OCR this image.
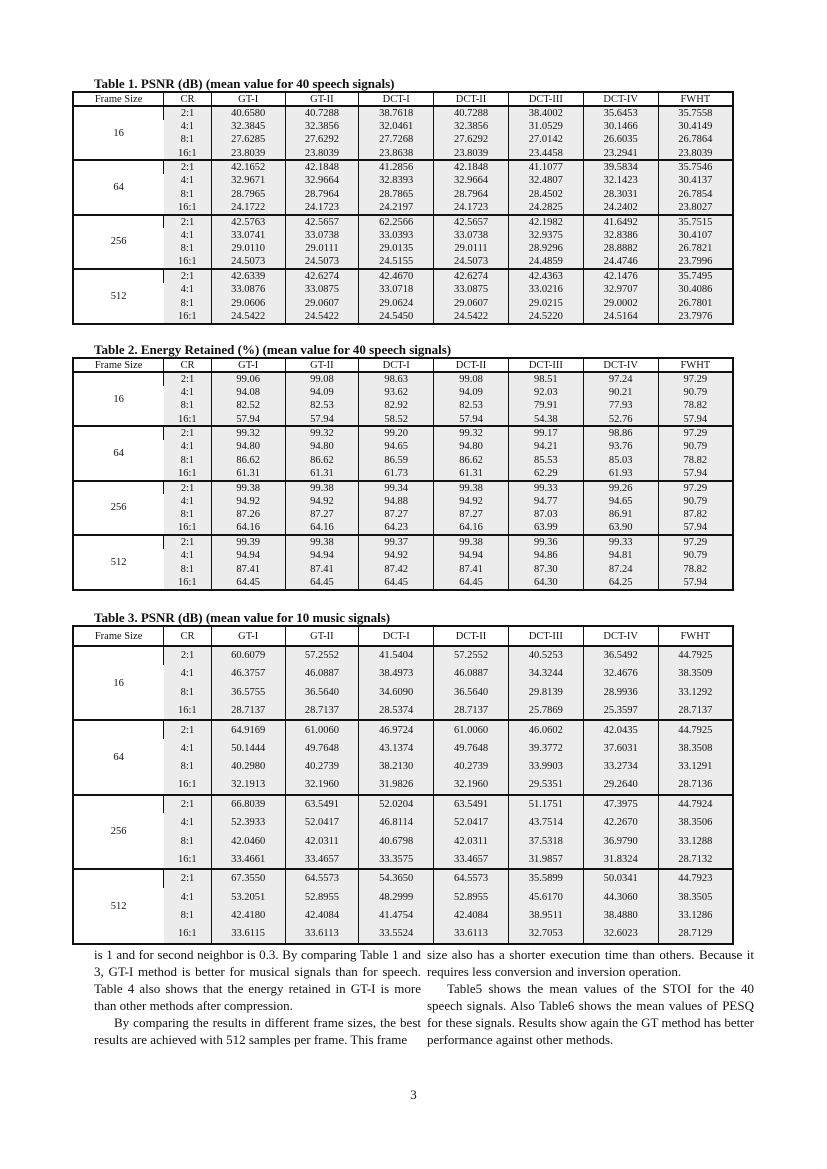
Table 1. PSNR (dB) (mean value for 40 speech signals)
Frame Size	CR	GT-I	GT-II	DCT-I	DCT-II	DCT-III	DCT-IV	FWHT
16	2:1	40.6580	40.7288	38.7618	40.7288	38.4002	35.6453	35.7558
	4:1	32.3845	32.3856	32.0461	32.3856	31.0529	30.1466	30.4149
	8:1	27.6285	27.6292	27.7268	27.6292	27.0142	26.6035	26.7864
	16:1	23.8039	23.8039	23.8638	23.8039	23.4458	23.2941	23.8039
64	2:1	42.1652	42.1848	41.2856	42.1848	41.1077	39.5834	35.7546
	4:1	32.9671	32.9664	32.8393	32.9664	32.4807	32.1423	30.4137
	8:1	28.7965	28.7964	28.7865	28.7964	28.4502	28.3031	26.7854
	16:1	24.1722	24.1723	24.2197	24.1723	24.2825	24.2402	23.8027
256	2:1	42.5763	42.5657	62.2566	42.5657	42.1982	41.6492	35.7515
	4:1	33.0741	33.0738	33.0393	33.0738	32.9375	32.8386	30.4107
	8:1	29.0110	29.0111	29.0135	29.0111	28.9296	28.8882	26.7821
	16:1	24.5073	24.5073	24.5155	24.5073	24.4859	24.4746	23.7996
512	2:1	42.6339	42.6274	42.4670	42.6274	42.4363	42.1476	35.7495
	4:1	33.0876	33.0875	33.0718	33.0875	33.0216	32.9707	30.4086
	8:1	29.0606	29.0607	29.0624	29.0607	29.0215	29.0002	26.7801
	16:1	24.5422	24.5422	24.5450	24.5422	24.5220	24.5164	23.7976
Table 2. Energy Retained (%) (mean value for 40 speech signals)
Frame Size	CR	GT-I	GT-II	DCT-I	DCT-II	DCT-III	DCT-IV	FWHT
16	2:1	99.06	99.08	98.63	99.08	98.51	97.24	97.29
	4:1	94.08	94.09	93.62	94.09	92.03	90.21	90.79
	8:1	82.52	82.53	82.92	82.53	79.91	77.93	78.82
	16:1	57.94	57.94	58.52	57.94	54.38	52.76	57.94
64	2:1	99.32	99.32	99.20	99.32	99.17	98.86	97.29
	4:1	94.80	94.80	94.65	94.80	94.21	93.76	90.79
	8:1	86.62	86.62	86.59	86.62	85.53	85.03	78.82
	16:1	61.31	61.31	61.73	61.31	62.29	61.93	57.94
256	2:1	99.38	99.38	99.34	99.38	99.33	99.26	97.29
	4:1	94.92	94.92	94.88	94.92	94.77	94.65	90.79
	8:1	87.26	87.27	87.27	87.27	87.03	86.91	87.82
	16:1	64.16	64.16	64.23	64.16	63.99	63.90	57.94
512	2:1	99.39	99.38	99.37	99.38	99.36	99.33	97.29
	4:1	94.94	94.94	94.92	94.94	94.86	94.81	90.79
	8:1	87.41	87.41	87.42	87.41	87.30	87.24	78.82
	16:1	64.45	64.45	64.45	64.45	64.30	64.25	57.94
Table 3. PSNR (dB) (mean value for 10 music signals)
Frame Size	CR	GT-I	GT-II	DCT-I	DCT-II	DCT-III	DCT-IV	FWHT
16	2:1	60.6079	57.2552	41.5404	57.2552	40.5253	36.5492	44.7925
	4:1	46.3757	46.0887	38.4973	46.0887	34.3244	32.4676	38.3509
	8:1	36.5755	36.5640	34.6090	36.5640	29.8139	28.9936	33.1292
	16:1	28.7137	28.7137	28.5374	28.7137	25.7869	25.3597	28.7137
64	2:1	64.9169	61.0060	46.9724	61.0060	46.0602	42.0435	44.7925
	4:1	50.1444	49.7648	43.1374	49.7648	39.3772	37.6031	38.3508
	8:1	40.2980	40.2739	38.2130	40.2739	33.9903	33.2734	33.1291
	16:1	32.1913	32.1960	31.9826	32.1960	29.5351	29.2640	28.7136
256	2:1	66.8039	63.5491	52.0204	63.5491	51.1751	47.3975	44.7924
	4:1	52.3933	52.0417	46.8114	52.0417	43.7514	42.2670	38.3506
	8:1	42.0460	42.0311	40.6798	42.0311	37.5318	36.9790	33.1288
	16:1	33.4661	33.4657	33.3575	33.4657	31.9857	31.8324	28.7132
512	2:1	67.3550	64.5573	54.3650	64.5573	35.5899	50.0341	44.7923
	4:1	53.2051	52.8955	48.2999	52.8955	45.6170	44.3060	38.3505
	8:1	42.4180	42.4084	41.4754	42.4084	38.9511	38.4880	33.1286
	16:1	33.6115	33.6113	33.5524	33.6113	32.7053	32.6023	28.7129

is 1 and for second neighbor is 0.3. By comparing Table 1 and 3, GT-I method is better for musical signals than for speech. Table 4 also shows that the energy retained in GT-I is more than other methods after compression.

By comparing the results in different frame sizes, the best results are achieved with 512 samples per frame. This frame

size also has a shorter execution time than others. Because it requires less conversion and inversion operation.

Table5 shows the mean values of the STOI for the 40 speech signals. Also Table6 shows the mean values of PESQ for these signals. Results show again the GT method has better performance against other methods.

3
